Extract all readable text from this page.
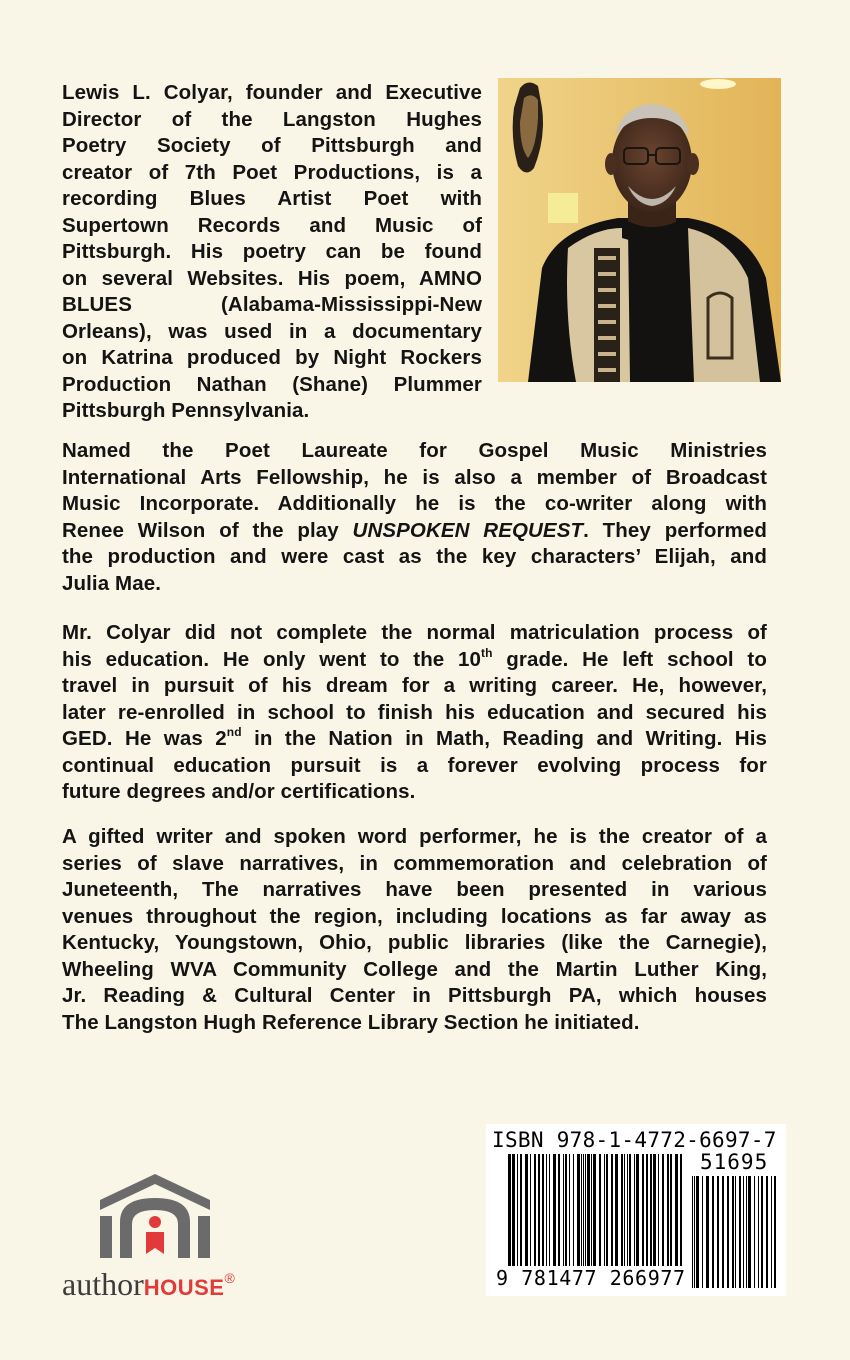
Lewis L. Colyar, founder and Executive
Director of the Langston Hughes
Poetry Society of Pittsburgh and
creator of 7th Poet Productions, is a
recording Blues Artist Poet with
Supertown Records and Music of
Pittsburgh. His poetry can be found
on several Websites. His poem, AMNO
BLUES (Alabama-Mississippi-New
Orleans), was used in a documentary
on Katrina produced by Night Rockers
Production Nathan (Shane) Plummer
Pittsburgh Pennsylvania.
Named the Poet Laureate for Gospel Music Ministries
International Arts Fellowship, he is also a member of Broadcast
Music Incorporate. Additionally he is the co-writer along with
Renee Wilson of the play UNSPOKEN REQUEST. They performed
the production and were cast as the key characters’ Elijah, and
Julia Mae.
Mr. Colyar did not complete the normal matriculation process of
his education. He only went to the 10th grade. He left school to
travel in pursuit of his dream for a writing career. He, however,
later re-enrolled in school to finish his education and secured his
GED. He was 2nd in the Nation in Math, Reading and Writing. His
continual education pursuit is a forever evolving process for
future degrees and/or certifications.
A gifted writer and spoken word performer, he is the creator of a
series of slave narratives, in commemoration and celebration of
Juneteenth, The narratives have been presented in various
venues throughout the region, including locations as far away as
Kentucky, Youngstown, Ohio, public libraries (like the Carnegie),
Wheeling WVA Community College and the Martin Luther King,
Jr. Reading & Cultural Center in Pittsburgh PA, which houses
The Langston Hugh Reference Library Section he initiated.
authorHOUSE®
ISBN 978-1-4772-6697-7
51695
9 781477 266977
